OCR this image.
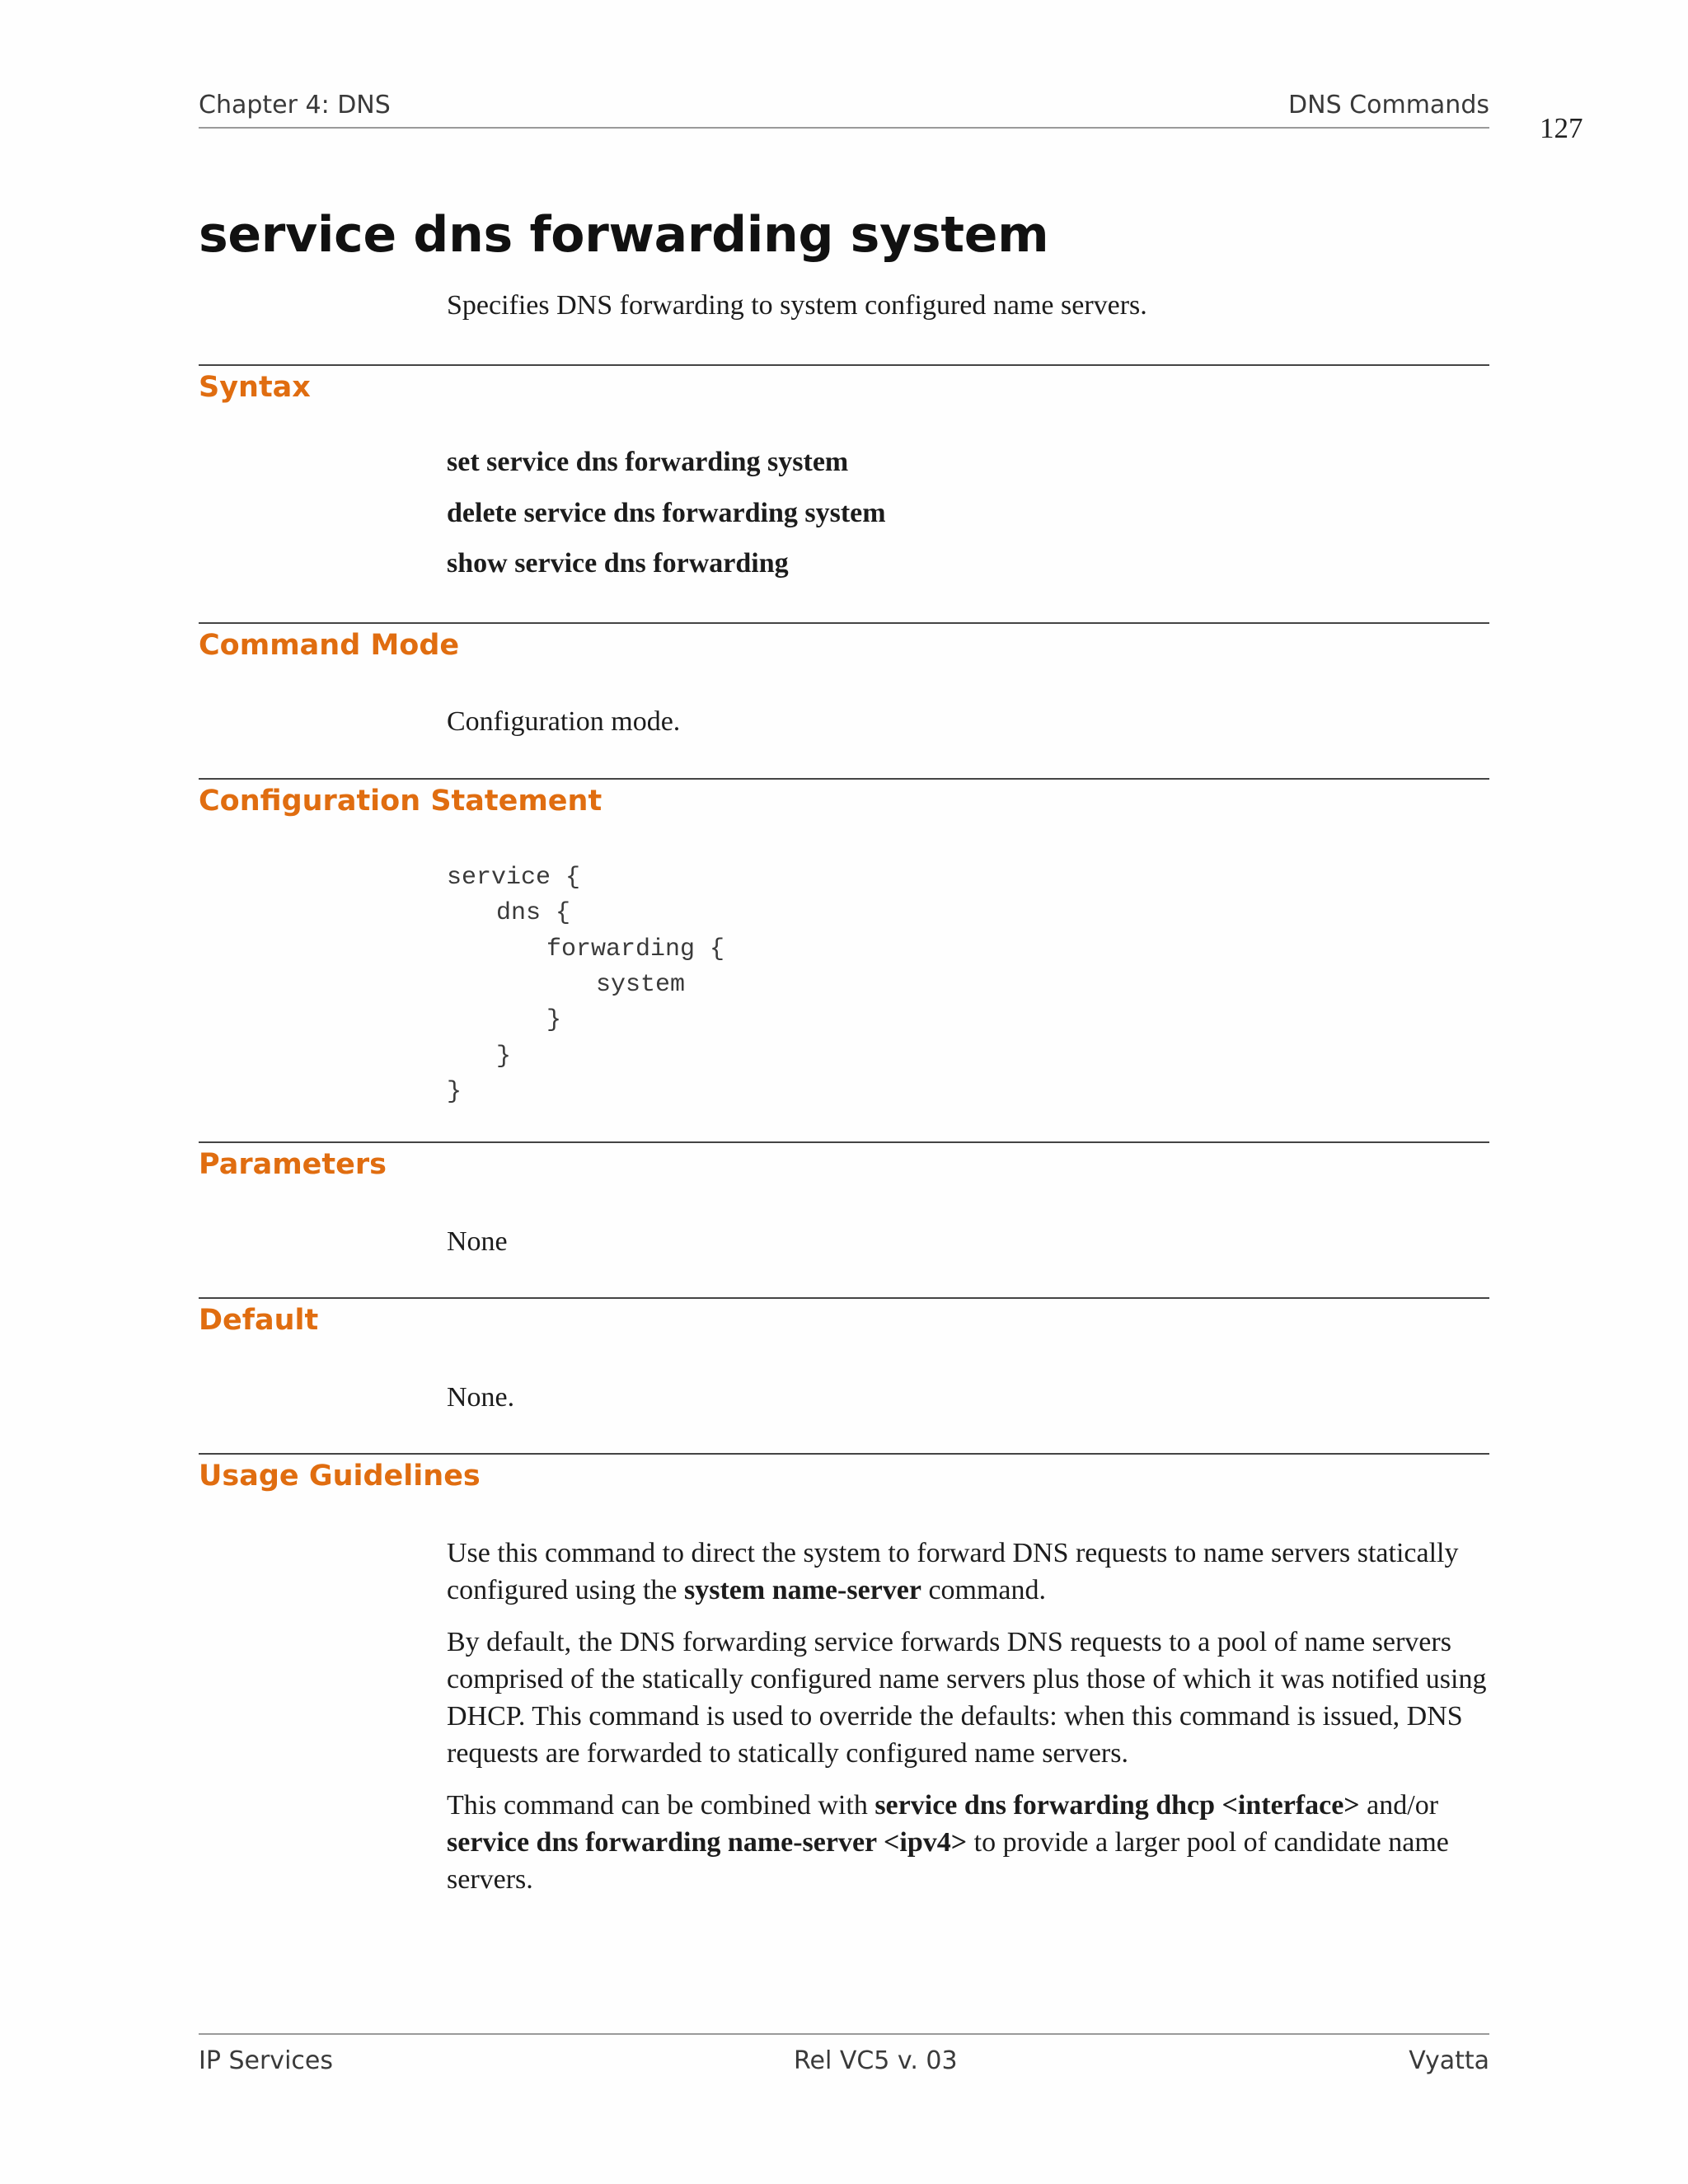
Chapter 4: DNS	DNS Commands
127
service dns forwarding system
Specifies DNS forwarding to system configured name servers.
Syntax
set service dns forwarding system
delete service dns forwarding system
show service dns forwarding
Command Mode
Configuration mode.
Configuration Statement
service {
dns {
forwarding {
system
}
}
}
Parameters
None
Default
None.
Usage Guidelines
Use this command to direct the system to forward DNS requests to name servers statically configured using the system name-server command.
By default, the DNS forwarding service forwards DNS requests to a pool of name servers comprised of the statically configured name servers plus those of which it was notified using DHCP. This command is used to override the defaults: when this command is issued, DNS requests are forwarded to statically configured name servers.
This command can be combined with service dns forwarding dhcp <interface> and/or service dns forwarding name-server <ipv4> to provide a larger pool of candidate name servers.
IP Services	Rel VC5 v. 03	Vyatta
